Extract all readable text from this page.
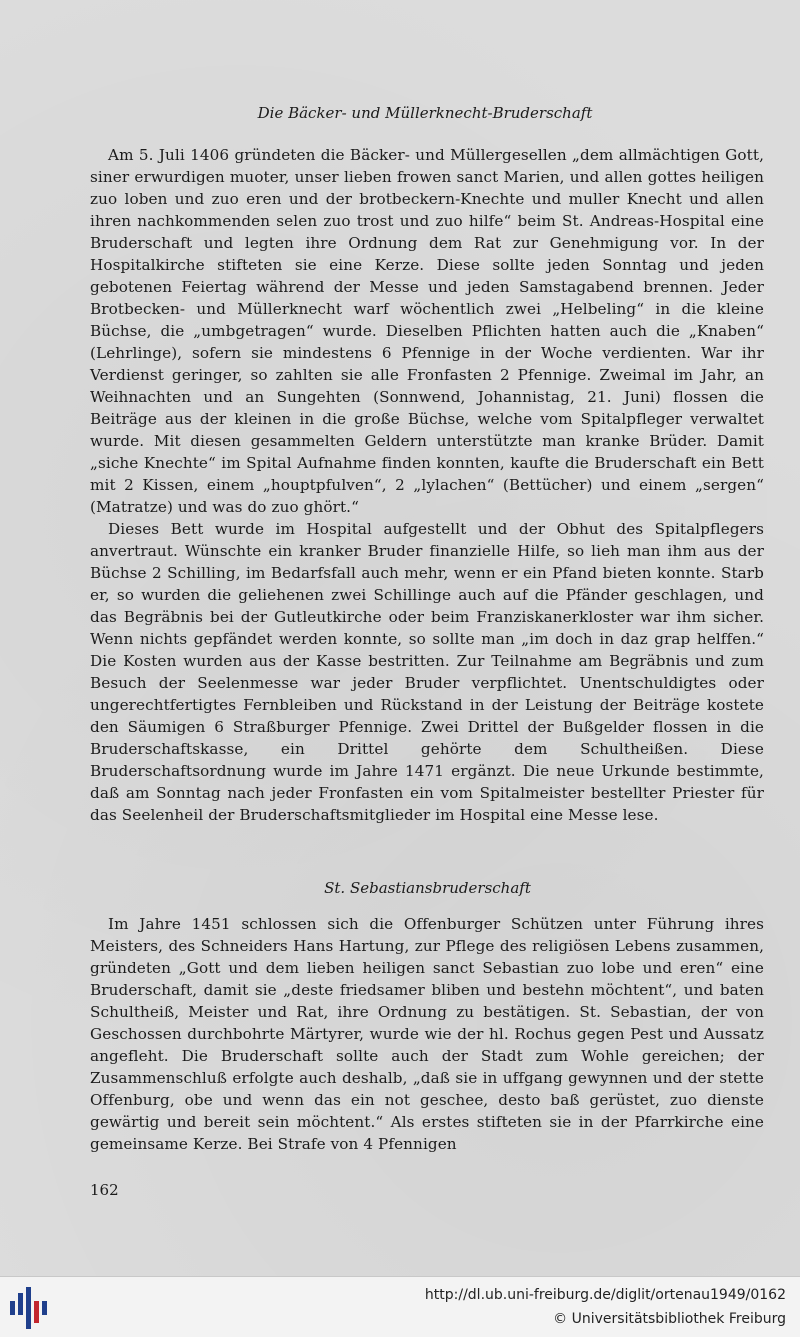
Die Bäcker- und Müllerknecht-Bruderschaft

Am 5. Juli 1406 gründeten die Bäcker- und Müllergesellen „dem allmächtigen Gott, siner erwurdigen muoter, unser lieben frowen sanct Marien, und allen gottes heiligen zuo loben und zuo eren und der brotbeckern-Knechte und muller Knecht und allen ihren nachkommenden selen zuo trost und zuo hilfe“ beim St. Andreas-Hospital eine Bruderschaft und legten ihre Ordnung dem Rat zur Genehmigung vor. In der Hospitalkirche stifteten sie eine Kerze. Diese sollte jeden Sonntag und jeden gebotenen Feiertag während der Messe und jeden Samstagabend brennen. Jeder Brotbecken- und Müllerknecht warf wöchentlich zwei „Helbeling“ in die kleine Büchse, die „umbgetragen“ wurde. Dieselben Pflichten hatten auch die „Knaben“ (Lehrlinge), sofern sie mindestens 6 Pfennige in der Woche verdienten. War ihr Verdienst geringer, so zahlten sie alle Fronfasten 2 Pfennige. Zweimal im Jahr, an Weihnachten und an Sungehten (Sonnwend, Johannistag, 21. Juni) flossen die Beiträge aus der kleinen in die große Büchse, welche vom Spitalpfleger verwaltet wurde. Mit diesen gesammelten Geldern unterstützte man kranke Brüder. Damit „siche Knechte“ im Spital Aufnahme finden konnten, kaufte die Bruderschaft ein Bett mit 2 Kissen, einem „houptpfulven“, 2 „lylachen“ (Bettücher) und einem „sergen“ (Matratze) und was do zuo ghört.“

Dieses Bett wurde im Hospital aufgestellt und der Obhut des Spitalpflegers anvertraut. Wünschte ein kranker Bruder finanzielle Hilfe, so lieh man ihm aus der Büchse 2 Schilling, im Bedarfsfall auch mehr, wenn er ein Pfand bieten konnte. Starb er, so wurden die geliehenen zwei Schillinge auch auf die Pfänder geschlagen, und das Begräbnis bei der Gutleutkirche oder beim Franziskanerkloster war ihm sicher. Wenn nichts gepfändet werden konnte, so sollte man „im doch in daz grap helffen.“ Die Kosten wurden aus der Kasse bestritten. Zur Teilnahme am Begräbnis und zum Besuch der Seelenmesse war jeder Bruder verpflichtet. Unentschuldigtes oder ungerechtfertigtes Fernbleiben und Rückstand in der Leistung der Beiträge kostete den Säumigen 6 Straßburger Pfennige. Zwei Drittel der Bußgelder flossen in die Bruderschaftskasse, ein Drittel gehörte dem Schultheißen. Diese Bruderschaftsordnung wurde im Jahre 1471 ergänzt. Die neue Urkunde bestimmte, daß am Sonntag nach jeder Fronfasten ein vom Spitalmeister bestellter Priester für das Seelenheil der Bruderschaftsmitglieder im Hospital eine Messe lese.

St. Sebastiansbruderschaft

Im Jahre 1451 schlossen sich die Offenburger Schützen unter Führung ihres Meisters, des Schneiders Hans Hartung, zur Pflege des religiösen Lebens zusammen, gründeten „Gott und dem lieben heiligen sanct Sebastian zuo lobe und eren“ eine Bruderschaft, damit sie „deste friedsamer bliben und bestehn möchtent“, und baten Schultheiß, Meister und Rat, ihre Ordnung zu bestätigen. St. Sebastian, der von Geschossen durchbohrte Märtyrer, wurde wie der hl. Rochus gegen Pest und Aussatz angefleht. Die Bruderschaft sollte auch der Stadt zum Wohle gereichen; der Zusammenschluß erfolgte auch deshalb, „daß sie in uffgang gewynnen und der stette Offenburg, obe und wenn das ein not geschee, desto baß gerüstet, zuo dienste gewärtig und bereit sein möchtent.“ Als erstes stifteten sie in der Pfarrkirche eine gemeinsame Kerze. Bei Strafe von 4 Pfennigen

162
http://dl.ub.uni-freiburg.de/diglit/ortenau1949/0162
© Universitätsbibliothek Freiburg
